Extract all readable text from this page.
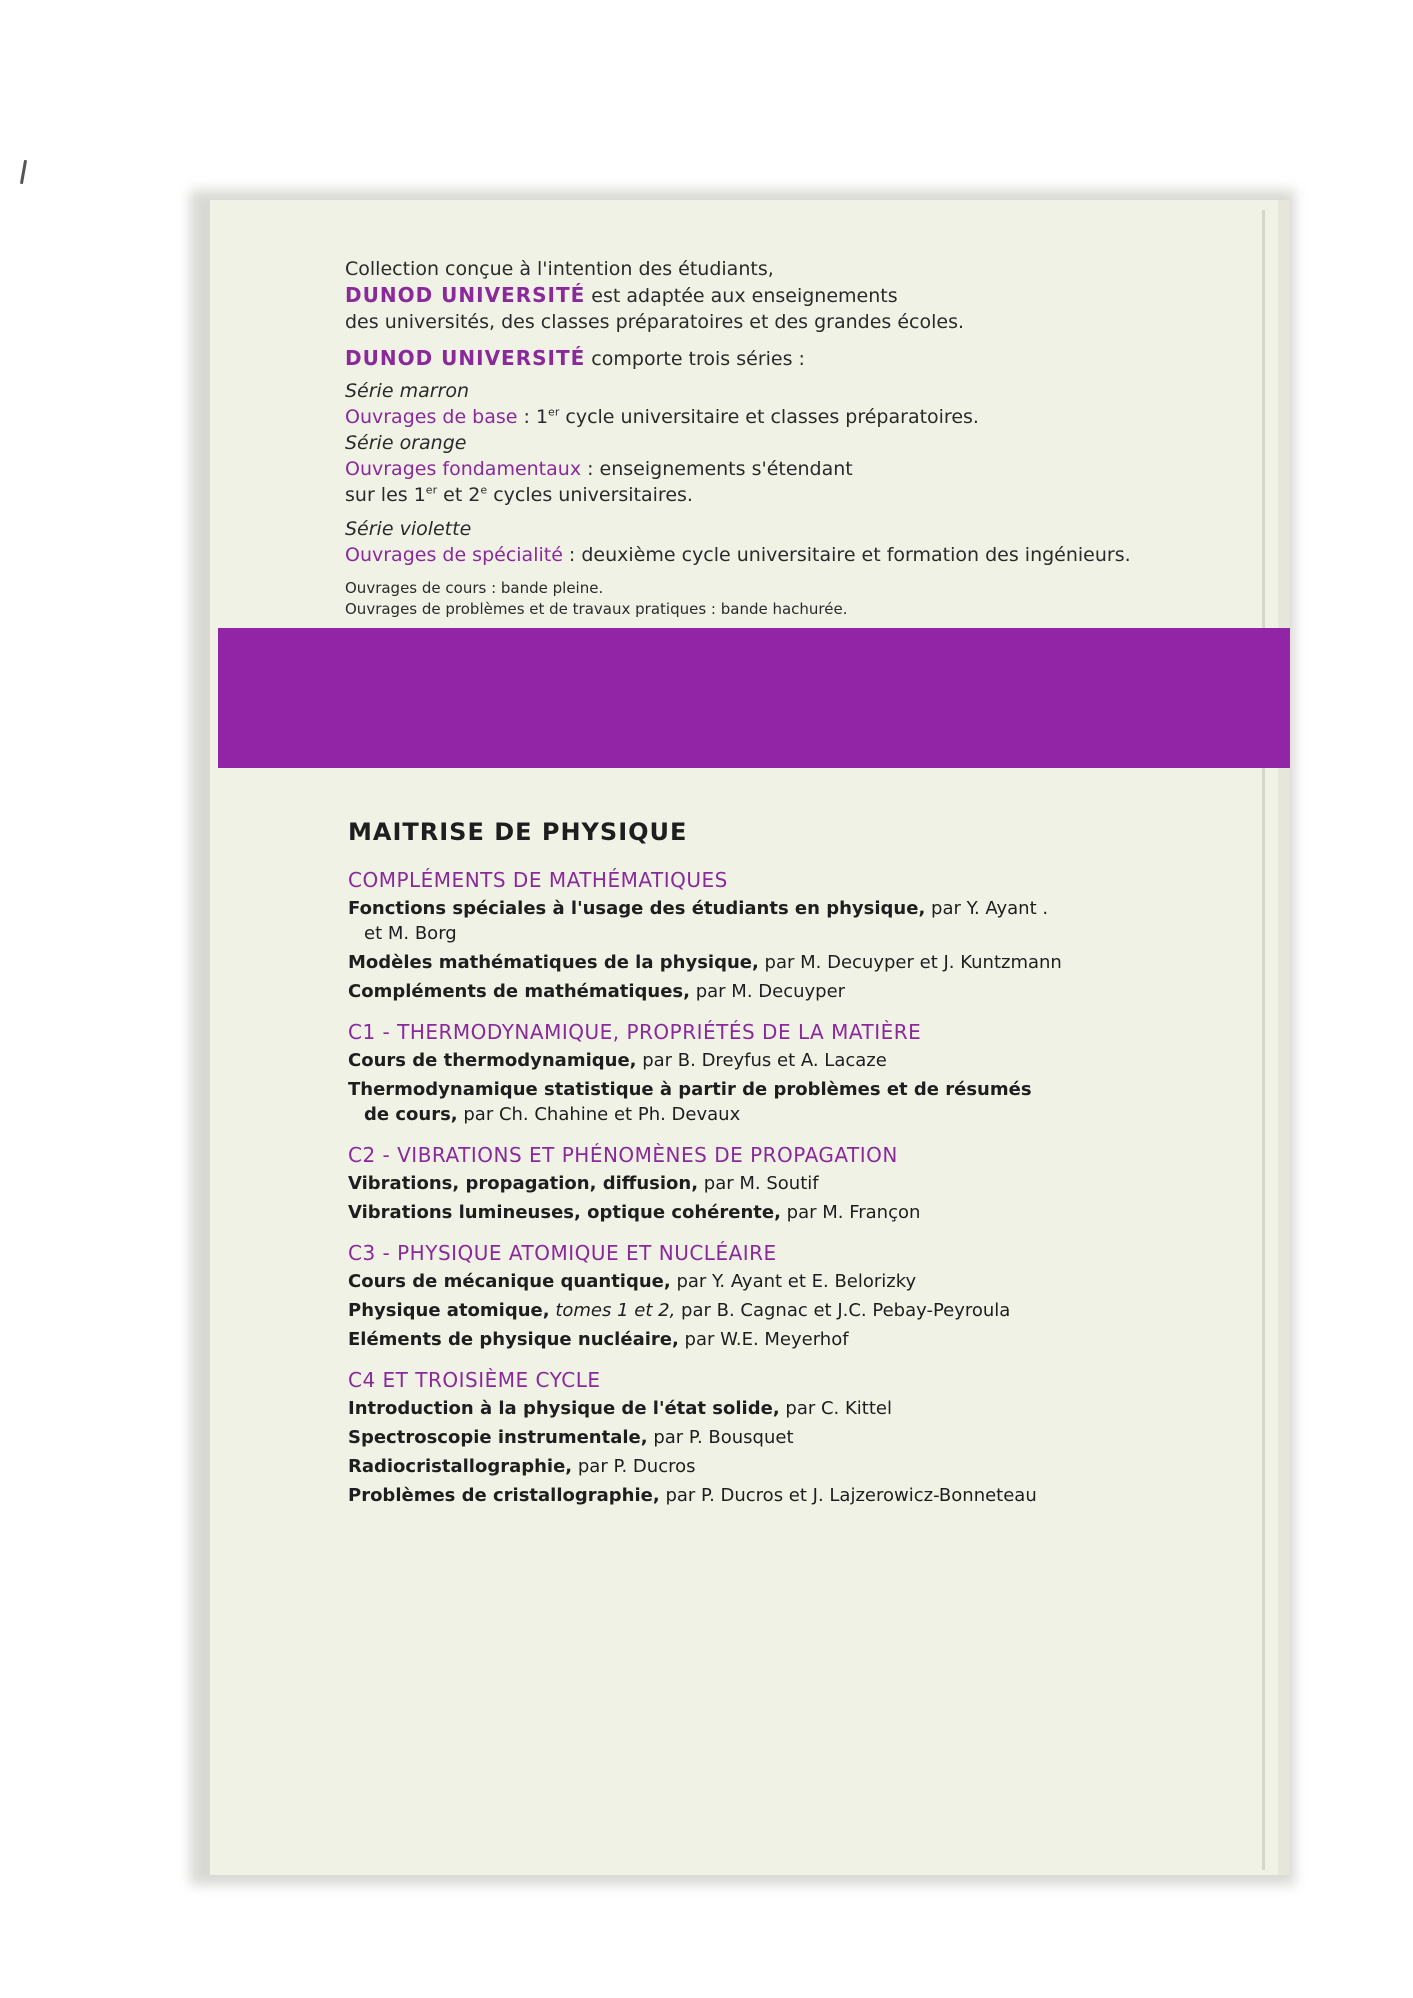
Collection conçue à l'intention des étudiants,

DUNOD UNIVERSITÉ est adaptée aux enseignements

des universités, des classes préparatoires et des grandes écoles.

DUNOD UNIVERSITÉ comporte trois séries :

Série marron

Ouvrages de base : 1er cycle universitaire et classes préparatoires.

Série orange

Ouvrages fondamentaux : enseignements s'étendant

sur les 1er et 2e cycles universitaires.

Série violette

Ouvrages de spécialité : deuxième cycle universitaire et formation des ingénieurs.

Ouvrages de cours : bande pleine.

Ouvrages de problèmes et de travaux pratiques : bande hachurée.

MAITRISE DE PHYSIQUE

COMPLÉMENTS DE MATHÉMATIQUES

Fonctions spéciales à l'usage des étudiants en physique, par Y. Ayant .
et M. Borg

Modèles mathématiques de la physique, par M. Decuyper et J. Kuntzmann

Compléments de mathématiques, par M. Decuyper

C1 - THERMODYNAMIQUE, PROPRIÉTÉS DE LA MATIÈRE

Cours de thermodynamique, par B. Dreyfus et A. Lacaze

Thermodynamique statistique à partir de problèmes et de résumés
de cours, par Ch. Chahine et Ph. Devaux

C2 - VIBRATIONS ET PHÉNOMÈNES DE PROPAGATION

Vibrations, propagation, diffusion, par M. Soutif

Vibrations lumineuses, optique cohérente, par M. Françon

C3 - PHYSIQUE ATOMIQUE ET NUCLÉAIRE

Cours de mécanique quantique, par Y. Ayant et E. Belorizky

Physique atomique, tomes 1 et 2, par B. Cagnac et J.C. Pebay-Peyroula

Eléments de physique nucléaire, par W.E. Meyerhof

C4 ET TROISIÈME CYCLE

Introduction à la physique de l'état solide, par C. Kittel

Spectroscopie instrumentale, par P. Bousquet

Radiocristallographie, par P. Ducros

Problèmes de cristallographie, par P. Ducros et J. Lajzerowicz-Bonneteau
